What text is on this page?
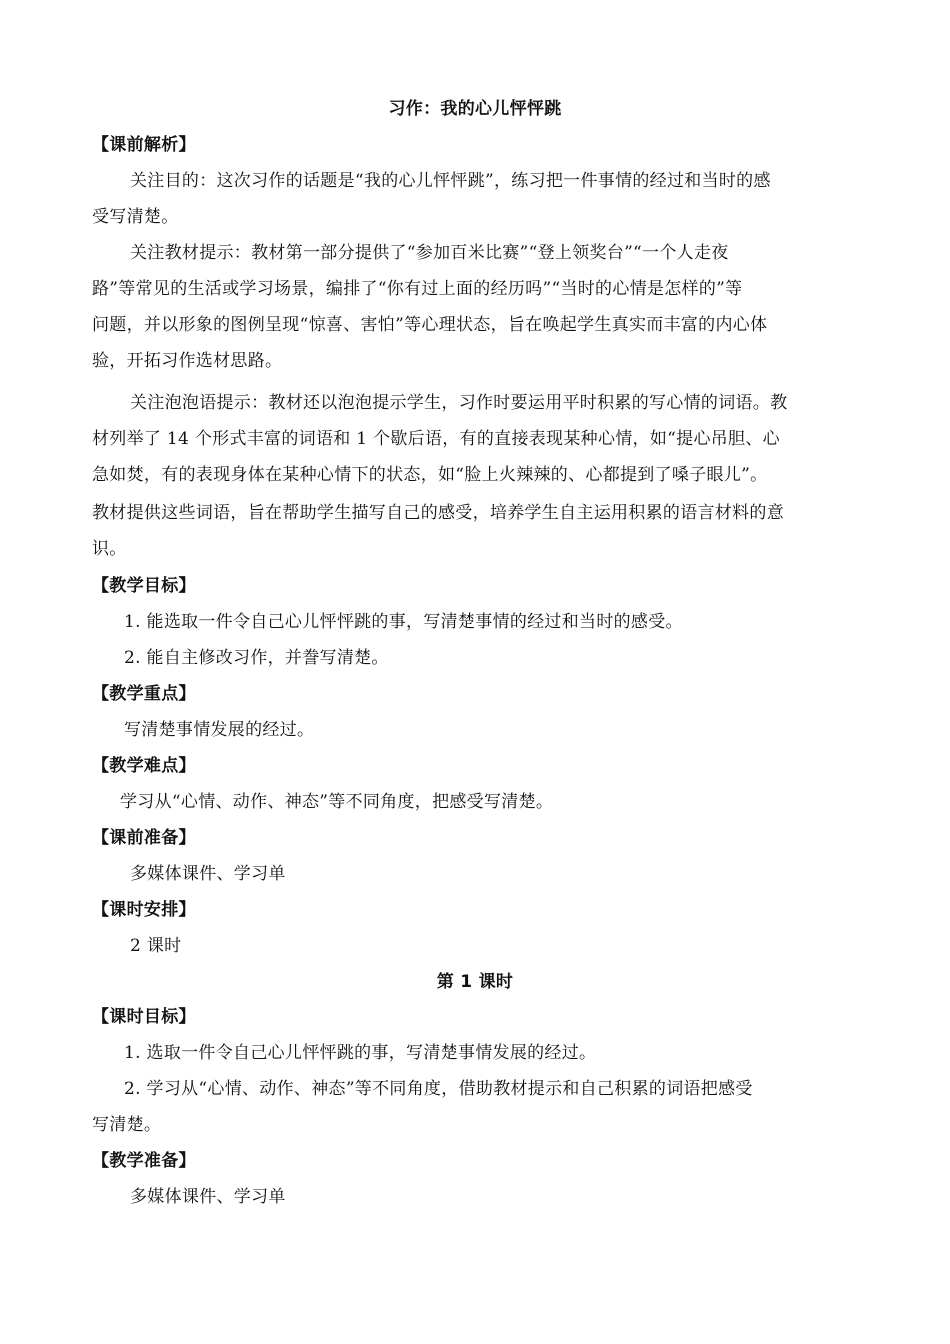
习作：我的心儿怦怦跳
【课前解析】
关注目的：这次习作的话题是“我的心儿怦怦跳”，练习把一件事情的经过和当时的感
受写清楚。
关注教材提示：教材第一部分提供了“参加百米比赛”“登上领奖台”“一个人走夜
路”等常见的生活或学习场景，编排了“你有过上面的经历吗”“当时的心情是怎样的”等
问题，并以形象的图例呈现“惊喜、害怕”等心理状态，旨在唤起学生真实而丰富的内心体
验，开拓习作选材思路。
关注泡泡语提示：教材还以泡泡提示学生，习作时要运用平时积累的写心情的词语。教
材列举了 14 个形式丰富的词语和 1 个歇后语，有的直接表现某种心情，如“提心吊胆、心
急如焚，有的表现身体在某种心情下的状态，如“脸上火辣辣的、心都提到了嗓子眼儿”。
教材提供这些词语，旨在帮助学生描写自己的感受，培养学生自主运用积累的语言材料的意
识。
【教学目标】
1. 能选取一件令自己心儿怦怦跳的事，写清楚事情的经过和当时的感受。
2. 能自主修改习作，并誊写清楚。
【教学重点】
写清楚事情发展的经过。
【教学难点】
学习从“心情、动作、神态”等不同角度，把感受写清楚。
【课前准备】
多媒体课件、学习单
【课时安排】
2 课时
第 1 课时
【课时目标】
1. 选取一件令自己心儿怦怦跳的事，写清楚事情发展的经过。
2. 学习从“心情、动作、神态”等不同角度，借助教材提示和自己积累的词语把感受
写清楚。
【教学准备】
多媒体课件、学习单
